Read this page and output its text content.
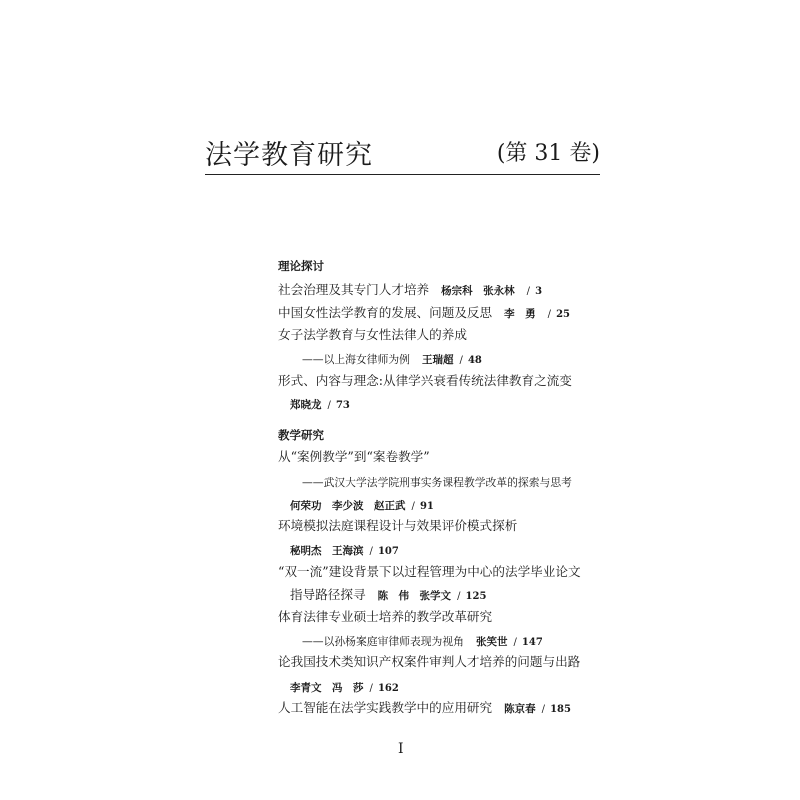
法学教育研究	(第 31 卷)
理论探讨
社会治理及其专门人才培养 杨宗科　张永林 / 3
中国女性法学教育的发展、问题及反思 李　勇 / 25
女子法学教育与女性法律人的养成
——以上海女律师为例 王瑞超 / 48
形式、内容与理念:从律学兴衰看传统法律教育之流变
郑晓龙 / 73
教学研究
从“案例教学”到“案卷教学”
——武汉大学法学院刑事实务课程教学改革的探索与思考
何荣功　李少波　赵正武 / 91
环境模拟法庭课程设计与效果评价模式探析
秘明杰　王海滨 / 107
“双一流”建设背景下以过程管理为中心的法学毕业论文
指导路径探寻 陈　伟　张学文 / 125
体育法律专业硕士培养的教学改革研究
——以孙杨案庭审律师表现为视角 张笑世 / 147
论我国技术类知识产权案件审判人才培养的问题与出路
李青文　冯　莎 / 162
人工智能在法学实践教学中的应用研究 陈京春 / 185
I
